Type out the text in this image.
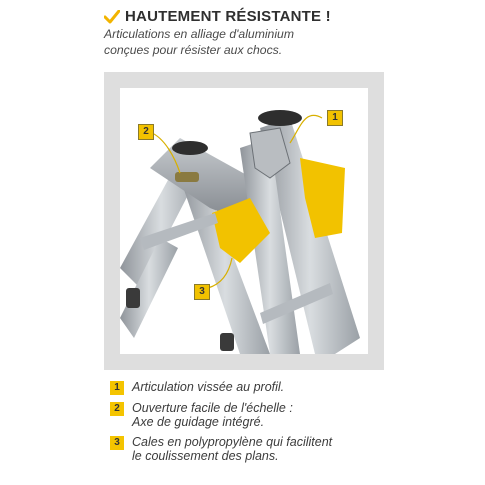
HAUTEMENT RÉSISTANTE !
Articulations en alliage d'aluminium
conçues pour résister aux chocs.
1
2
3
1 Articulation vissée au profil.
2 Ouverture facile de l'échelle :
Axe de guidage intégré.
3 Cales en polypropylène qui facilitent
le coulissement des plans.
